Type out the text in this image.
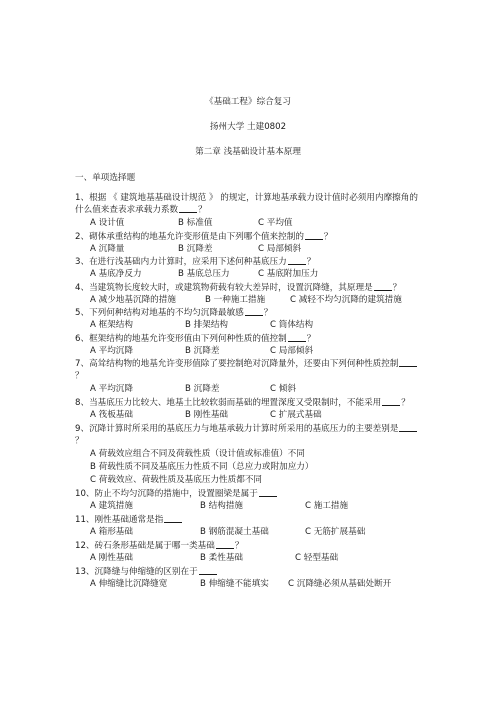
《基础工程》综合复习
扬州大学 土建0802
第二章 浅基础设计基本原理
一、单项选择题
1、根据 《 建筑地基基础设计规范 》 的规定，计算地基承载力设计值时必须用内摩擦角的什么值来查表求承载力系数 ？
A 设计值	B 标准值	C 平均值
2、砌体承重结构的地基允许变形值是由下列哪个值来控制的 ？
A 沉降量	B 沉降差	C 局部倾斜
3、在进行浅基础内力计算时，应采用下述何种基底压力 ？
A 基底净反力	B 基底总压力	C 基底附加压力
4、当建筑物长度较大时，或建筑物荷载有较大差异时，设置沉降缝，其原理是 ？
A 减少地基沉降的措施	B 一种施工措施	C 减轻不均匀沉降的建筑措施
5、下列何种结构对地基的不均匀沉降最敏感 ？
A 框架结构	B 排架结构	C 筒体结构
6、框架结构的地基允许变形值由下列何种性质的值控制 ？
A 平均沉降	B 沉降差	C 局部倾斜
7、高耸结构物的地基允许变形值除了要控制绝对沉降量外，还要由下列何种性质控制？
A 平均沉降	B 沉降差	C 倾斜
8、当基底压力比较大、地基土比较软弱而基础的埋置深度又受限制时，不能采用 ？
A 筏板基础	B 刚性基础	C 扩展式基础
9、沉降计算时所采用的基底压力与地基承载力计算时所采用的基底压力的主要差别是？
A 荷载效应组合不同及荷载性质（设计值或标准值）不同
B 荷载性质不同及基底压力性质不同（总应力或附加应力）
C 荷载效应、荷载性质及基底压力性质都不同
10、防止不均匀沉降的措施中，设置圈梁是属于
A 建筑措施	B 结构措施	C 施工措施
11、刚性基础通常是指
A 箱形基础	B 钢筋混凝土基础	C 无筋扩展基础
12、砖石条形基础是属于哪一类基础 ？
A 刚性基础	B 柔性基础	C 轻型基础
13、沉降缝与伸缩缝的区别在于
A 伸缩缝比沉降缝宽	B 伸缩缝不能填实 C 沉降缝必须从基础处断开
